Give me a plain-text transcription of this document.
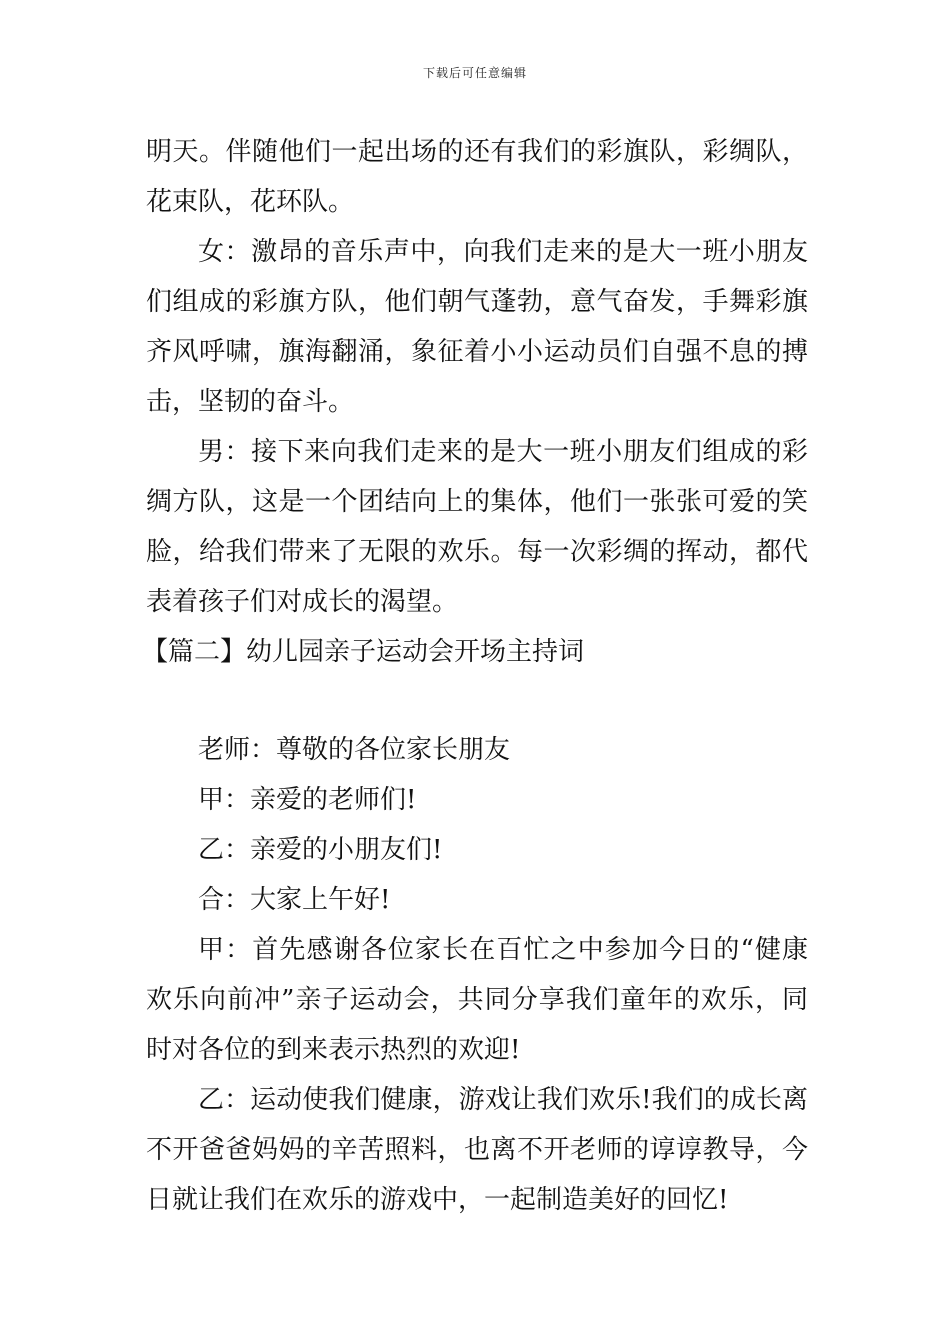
下载后可任意编辑

明天。伴随他们一起出场的还有我们的彩旗队，彩绸队，花束队，花环队。

女：激昂的音乐声中，向我们走来的是大一班小朋友们组成的彩旗方队，他们朝气蓬勃，意气奋发，手舞彩旗齐风呼啸，旗海翻涌，象征着小小运动员们自强不息的搏击，坚韧的奋斗。

男：接下来向我们走来的是大一班小朋友们组成的彩绸方队，这是一个团结向上的集体，他们一张张可爱的笑脸，给我们带来了无限的欢乐。每一次彩绸的挥动，都代表着孩子们对成长的渴望。

【篇二】幼儿园亲子运动会开场主持词

老师：尊敬的各位家长朋友

甲：亲爱的老师们!

乙：亲爱的小朋友们!

合：大家上午好!

甲：首先感谢各位家长在百忙之中参加今日的“健康欢乐向前冲”亲子运动会，共同分享我们童年的欢乐，同时对各位的到来表示热烈的欢迎!

乙：运动使我们健康，游戏让我们欢乐!我们的成长离不开爸爸妈妈的辛苦照料，也离不开老师的谆谆教导，今日就让我们在欢乐的游戏中，一起制造美好的回忆!
